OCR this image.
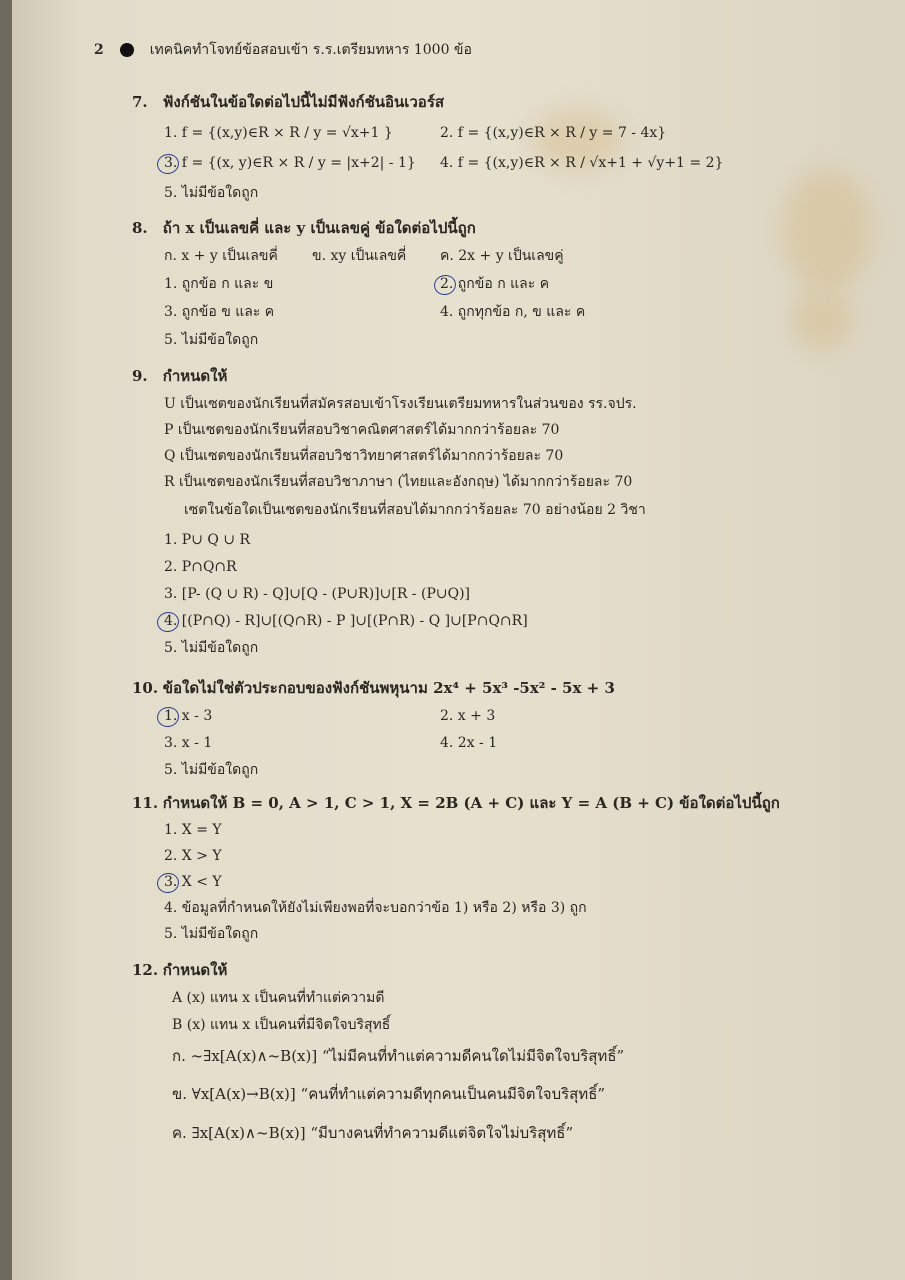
2	เทคนิคทำโจทย์ข้อสอบเข้า ร.ร.เตรียมทหาร 1000 ข้อ
7. ฟังก์ชันในข้อใดต่อไปนี้ไม่มีฟังก์ชันอินเวอร์ส
1. f = {(x,y)∈R × R / y = √x+1 }	2. f = {(x,y)∈R × R / y = 7 - 4x}
3. f = {(x, y)∈R × R / y = |x+2| - 1} 4. f = {(x,y)∈R × R / √x+1 + √y+1 = 2}
5. ไม่มีข้อใดถูก
8. ถ้า x เป็นเลขคี่ และ y เป็นเลขคู่ ข้อใดต่อไปนี้ถูก
ก. x + y เป็นเลขคี่ ข. xy เป็นเลขคี่ ค. 2x + y เป็นเลขคู่
1. ถูกข้อ ก และ ข	2. ถูกข้อ ก และ ค
3. ถูกข้อ ข และ ค	4. ถูกทุกข้อ ก, ข และ ค
5. ไม่มีข้อใดถูก
9. กำหนดให้
U เป็นเซตของนักเรียนที่สมัครสอบเข้าโรงเรียนเตรียมทหารในส่วนของ รร.จปร.
P เป็นเซตของนักเรียนที่สอบวิชาคณิตศาสตร์ได้มากกว่าร้อยละ 70
Q เป็นเซตของนักเรียนที่สอบวิชาวิทยาศาสตร์ได้มากกว่าร้อยละ 70
R เป็นเซตของนักเรียนที่สอบวิชาภาษา (ไทยและอังกฤษ) ได้มากกว่าร้อยละ 70
เซตในข้อใดเป็นเซตของนักเรียนที่สอบได้มากกว่าร้อยละ 70 อย่างน้อย 2 วิชา
1. P∪ Q ∪ R
2. P∩Q∩R
3. [P- (Q ∪ R) - Q]∪[Q - (P∪R)]∪[R - (P∪Q)]
4. [(P∩Q) - R]∪[(Q∩R) - P ]∪[(P∩R) - Q ]∪[P∩Q∩R]
5. ไม่มีข้อใดถูก
10. ข้อใดไม่ใช่ตัวประกอบของฟังก์ชันพหุนาม 2x⁴ + 5x³ -5x² - 5x + 3
1. x - 3	2. x + 3
3. x - 1	4. 2x - 1
5. ไม่มีข้อใดถูก
11. กำหนดให้ B = 0, A > 1, C > 1, X = 2B (A + C) และ Y = A (B + C) ข้อใดต่อไปนี้ถูก
1. X = Y
2. X > Y
3. X < Y
4. ข้อมูลที่กำหนดให้ยังไม่เพียงพอที่จะบอกว่าข้อ 1) หรือ 2) หรือ 3) ถูก
5. ไม่มีข้อใดถูก
12. กำหนดให้
A (x) แทน x เป็นคนที่ทำแต่ความดี
B (x) แทน x เป็นคนที่มีจิตใจบริสุทธิ์
ก. ~∃x[A(x)∧~B(x)] “ไม่มีคนที่ทำแต่ความดีคนใดไม่มีจิตใจบริสุทธิ์”
ข. ∀x[A(x)→B(x)] “คนที่ทำแต่ความดีทุกคนเป็นคนมีจิตใจบริสุทธิ์”
ค. ∃x[A(x)∧~B(x)] “มีบางคนที่ทำความดีแต่จิตใจไม่บริสุทธิ์”
